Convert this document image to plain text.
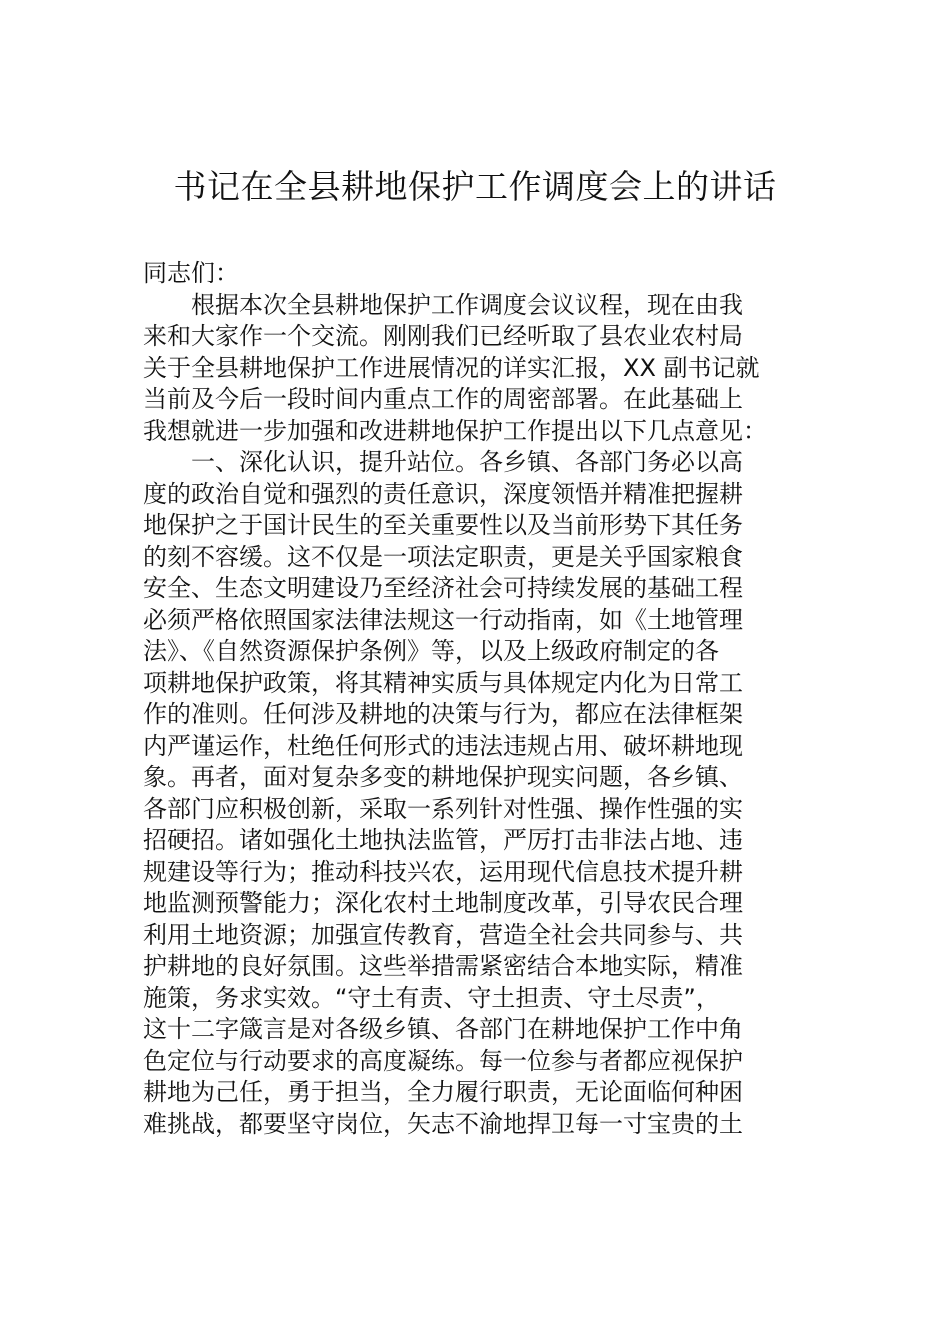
书记在全县耕地保护工作调度会上的讲话
同志们：
根据本次全县耕地保护工作调度会议议程，现在由我
来和大家作一个交流。刚刚我们已经听取了县农业农村局
关于全县耕地保护工作进展情况的详实汇报，XX 副书记就
当前及今后一段时间内重点工作的周密部署。在此基础上
我想就进一步加强和改进耕地保护工作提出以下几点意见：
一、深化认识，提升站位。各乡镇、各部门务必以高
度的政治自觉和强烈的责任意识，深度领悟并精准把握耕
地保护之于国计民生的至关重要性以及当前形势下其任务
的刻不容缓。这不仅是一项法定职责，更是关乎国家粮食
安全、生态文明建设乃至经济社会可持续发展的基础工程
必须严格依照国家法律法规这一行动指南，如《土地管理
法》、《自然资源保护条例》等，以及上级政府制定的各
项耕地保护政策，将其精神实质与具体规定内化为日常工
作的准则。任何涉及耕地的决策与行为，都应在法律框架
内严谨运作，杜绝任何形式的违法违规占用、破坏耕地现
象。再者，面对复杂多变的耕地保护现实问题，各乡镇、
各部门应积极创新，采取一系列针对性强、操作性强的实
招硬招。诸如强化土地执法监管，严厉打击非法占地、违
规建设等行为；推动科技兴农，运用现代信息技术提升耕
地监测预警能力；深化农村土地制度改革，引导农民合理
利用土地资源；加强宣传教育，营造全社会共同参与、共
护耕地的良好氛围。这些举措需紧密结合本地实际，精准
施策，务求实效。“守土有责、守土担责、守土尽责”，
这十二字箴言是对各级乡镇、各部门在耕地保护工作中角
色定位与行动要求的高度凝练。每一位参与者都应视保护
耕地为己任，勇于担当，全力履行职责，无论面临何种困
难挑战，都要坚守岗位，矢志不渝地捍卫每一寸宝贵的土
